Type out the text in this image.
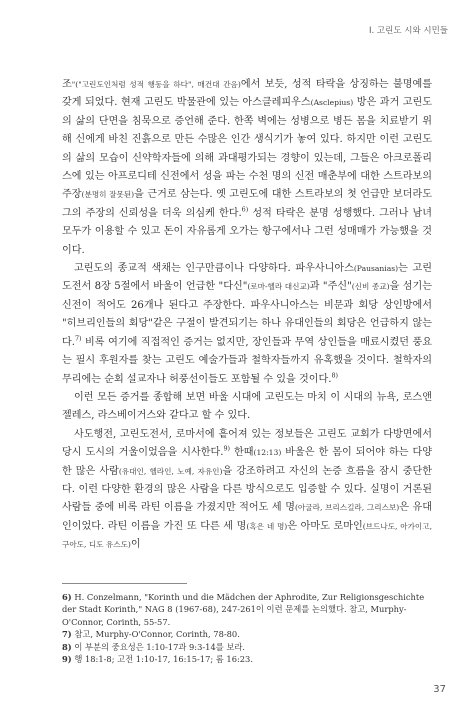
Ⅰ. 고린도 시와 시민들

조"("고린도인처럼 성적 행동을 하다", 매건대 간음)에서 보듯, 성적 타락을 상징하는 불명예를 갖게 되었다. 현재 고린도 박물관에 있는 아스클레피우스(Asclepius) 방은 과거 고린도의 삶의 단면을 침묵으로 증언해 준다. 한쪽 벽에는 성병으로 병든 몸을 치료받기 위해 신에게 바친 진흙으로 만든 수많은 인간 생식기가 놓여 있다. 하지만 이런 고린도의 삶의 모습이 신약학자들에 의해 과대평가되는 경향이 있는데, 그들은 아크로폴리스에 있는 아프로디테 신전에서 성을 파는 수천 명의 신전 매춘부에 대한 스트라보의 주장(분명히 잘못된)을 근거로 삼는다. 옛 고린도에 대한 스트라보의 첫 언급만 보더라도 그의 주장의 신뢰성을 더욱 의심케 한다.$^{6)}$ 성적 타락은 분명 성행했다. 그러나 남녀 모두가 이용할 수 있고 돈이 자유롭게 오가는 항구에서나 그런 성매매가 가능했을 것이다.

고린도의 종교적 색채는 인구만큼이나 다양하다. 파우사니아스(Pausanias)는 고린도전서 8장 5절에서 바울이 언급한 "다신"(로마-헬라 대신교)과 "주신"(신비 종교)을 섬기는 신전이 적어도 26개나 된다고 주장한다. 파우사니아스는 비문과 회당 상인방에서 "히브리인들의 회당"같은 구절이 발견되기는 하나 유대인들의 회당은 언급하지 않는다.$^{7)}$ 비록 여기에 직접적인 증거는 없지만, 장인들과 무역 상인들을 매료시켰던 풍요는 필시 후원자를 찾는 고린도 예술가들과 철학자들까지 유혹했을 것이다. 철학자의 무리에는 순회 설교자나 허풍선이들도 포함될 수 있을 것이다.$^{8)}$

이런 모든 증거를 종합해 보면 바울 시대에 고린도는 마치 이 시대의 뉴욕, 로스앤젤레스, 라스베이거스와 같다고 할 수 있다.

사도행전, 고린도전서, 로마서에 흩어져 있는 정보들은 고린도 교회가 다방면에서 당시 도시의 거울이었음을 시사한다.$^{9)}$ 한때(12:13) 바울은 한 몸이 되어야 하는 다양한 많은 사람(유대인, 헬라인, 노예, 자유인)을 강조하려고 자신의 논증 흐름을 잠시 중단한다. 이런 다양한 환경의 많은 사람을 다른 방식으로도 입증할 수 있다. 실명이 거론된 사람들 중에 비록 라틴 이름을 가졌지만 적어도 세 명(아굴라, 브리스길라, 그리스보)은 유대인이었다. 라틴 이름을 가진 또 다른 세 명(혹은 네 명)은 아마도 로마인(브드나도, 아가이고, 구아도, 디도 유스도)이

6) H. Conzelmann, "Korinth und die Mädchen der Aphrodite, Zur Religionsgeschichte der Stadt Korinth," NAG 8 (1967-68), 247-261이 이런 문제를 논의했다. 참고, Murphy-O'Connor, Corinth, 55-57.
7) 참고, Murphy-O'Connor, Corinth, 78-80.
8) 이 부분의 중요성은 1:10-17과 9:3-14를 보라.
9) 행 18:1-8; 고전 1:10-17, 16:15-17; 롬 16:23.
37
